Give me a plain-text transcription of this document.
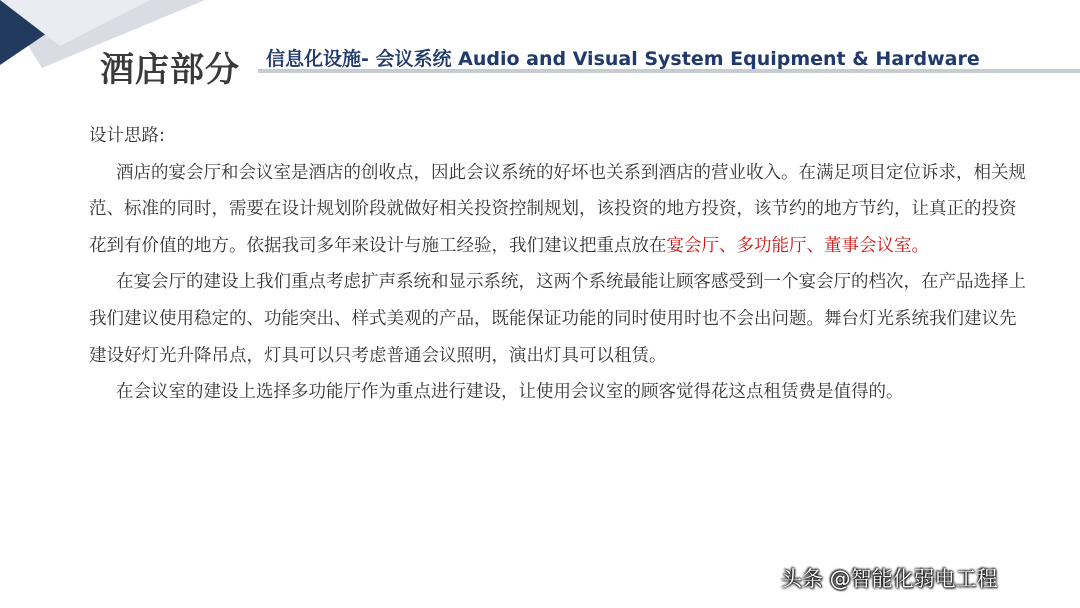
酒店部分 信息化设施- 会议系统 Audio and Visual System Equipment & Hardware
设计思路:
酒店的宴会厅和会议室是酒店的创收点，因此会议系统的好坏也关系到酒店的营业收入。在满足项目定位诉求，相关规范、标准的同时，需要在设计规划阶段就做好相关投资控制规划，该投资的地方投资，该节约的地方节约，让真正的投资花到有价值的地方。依据我司多年来设计与施工经验，我们建议把重点放在宴会厅、多功能厅、董事会议室。
在宴会厅的建设上我们重点考虑扩声系统和显示系统，这两个系统最能让顾客感受到一个宴会厅的档次，在产品选择上我们建议使用稳定的、功能突出、样式美观的产品，既能保证功能的同时使用时也不会出问题。舞台灯光系统我们建议先建设好灯光升降吊点，灯具可以只考虑普通会议照明，演出灯具可以租赁。
在会议室的建设上选择多功能厅作为重点进行建设，让使用会议室的顾客觉得花这点租赁费是值得的。
头条 @智能化弱电工程
